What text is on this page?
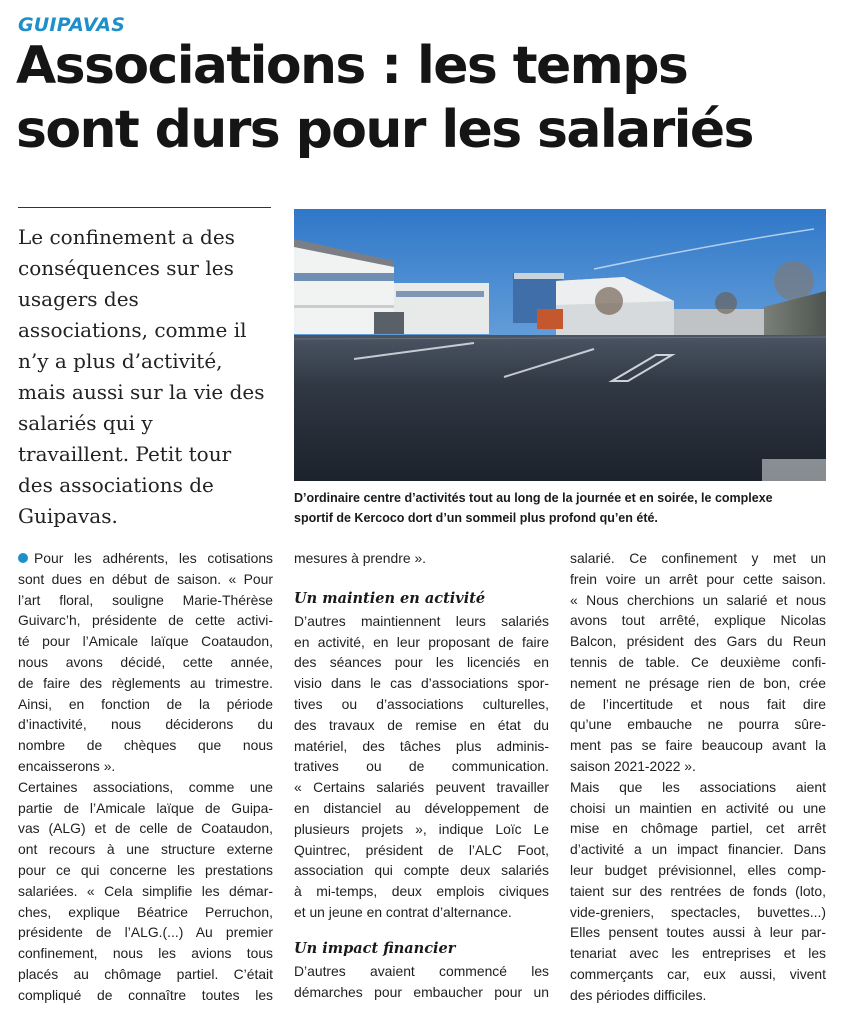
GUIPAVAS
Associations : les temps
sont durs pour les salariés
Le confinement a des
conséquences sur les
usagers des
associations, comme il
n’y a plus d’activité,
mais aussi sur la vie des
salariés qui y
travaillent. Petit tour
des associations de
Guipavas.
D’ordinaire centre d’activités tout au long de la journée et en soirée, le complexe
sportif de Kercoco dort d’un sommeil plus profond qu’en été.
Pour les adhérents, les cotisations
sont dues en début de saison. « Pour
l’art floral, souligne Marie-Thérèse
Guivarc’h, présidente de cette activi-
té pour l’Amicale laïque Coataudon,
nous avons décidé, cette année,
de faire des règlements au trimestre.
Ainsi, en fonction de la période
d’inactivité, nous déciderons du
nombre de chèques que nous
encaisserons ».
Certaines associations, comme une
partie de l’Amicale laïque de Guipa-
vas (ALG) et de celle de Coataudon,
ont recours à une structure externe
pour ce qui concerne les prestations
salariées. « Cela simplifie les démar-
ches, explique Béatrice Perruchon,
présidente de l’ALG.(...) Au premier
confinement, nous les avions tous
placés au chômage partiel. C’était
compliqué de connaître toutes les
mesures à prendre ».
Un maintien en activité
D’autres maintiennent leurs salariés
en activité, en leur proposant de faire
des séances pour les licenciés en
visio dans le cas d’associations spor-
tives ou d’associations culturelles,
des travaux de remise en état du
matériel, des tâches plus adminis-
tratives ou de communication.
« Certains salariés peuvent travailler
en distanciel au développement de
plusieurs projets », indique Loïc Le
Quintrec, président de l’ALC Foot,
association qui compte deux salariés
à mi-temps, deux emplois civiques
et un jeune en contrat d’alternance.
Un impact financier
D’autres avaient commencé les
démarches pour embaucher pour un
salarié. Ce confinement y met un
frein voire un arrêt pour cette saison.
« Nous cherchions un salarié et nous
avons tout arrêté, explique Nicolas
Balcon, président des Gars du Reun
tennis de table. Ce deuxième confi-
nement ne présage rien de bon, crée
de l’incertitude et nous fait dire
qu’une embauche ne pourra sûre-
ment pas se faire beaucoup avant la
saison 2021-2022 ».
Mais que les associations aient
choisi un maintien en activité ou une
mise en chômage partiel, cet arrêt
d’activité a un impact financier. Dans
leur budget prévisionnel, elles comp-
taient sur des rentrées de fonds (loto,
vide-greniers, spectacles, buvettes...)
Elles pensent toutes aussi à leur par-
tenariat avec les entreprises et les
commerçants car, eux aussi, vivent
des périodes difficiles.
